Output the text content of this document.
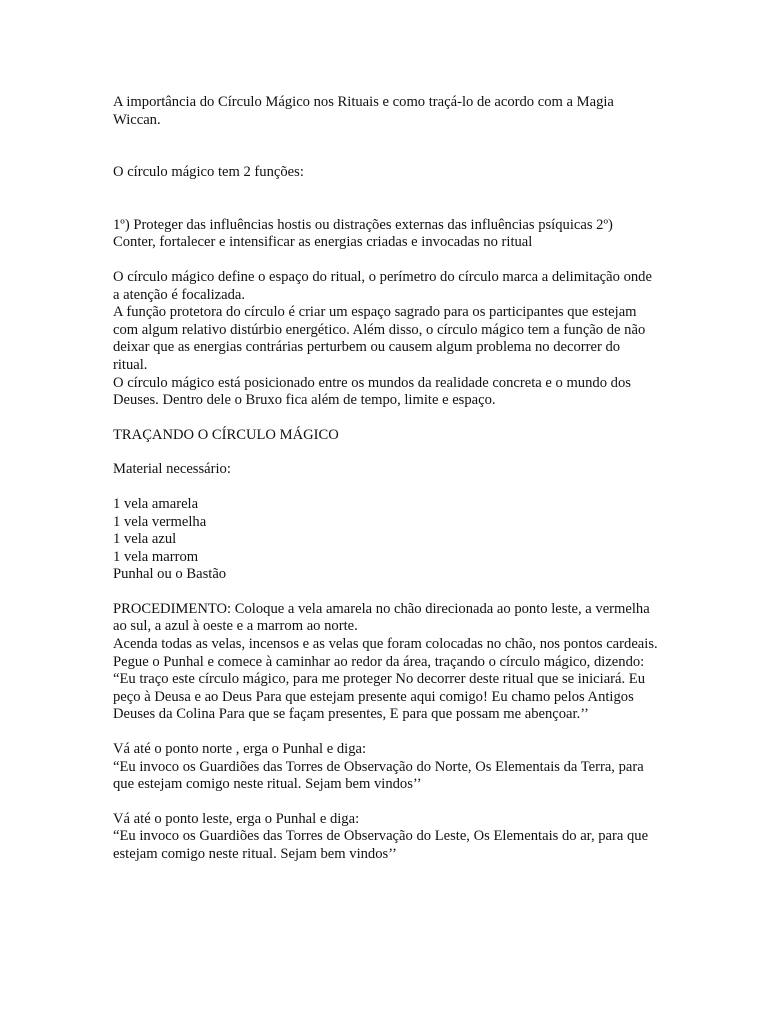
A importância do Círculo Mágico nos Rituais e como traçá-lo de acordo com a Magia Wiccan.

O círculo mágico tem 2 funções:

1º) Proteger das influências hostis ou distrações externas das influências psíquicas 2º) Conter, fortalecer e intensificar as energias criadas e invocadas no ritual

O círculo mágico define o espaço do ritual, o perímetro do círculo marca a delimitação onde a atenção é focalizada.
A função protetora do círculo é criar um espaço sagrado para os participantes que estejam com algum relativo distúrbio energético. Além disso, o círculo mágico tem a função de não deixar que as energias contrárias perturbem ou causem algum problema no decorrer do ritual.
O círculo mágico está posicionado entre os mundos da realidade concreta e o mundo dos Deuses. Dentro dele o Bruxo fica além de tempo, limite e espaço.

TRAÇANDO O CÍRCULO MÁGICO

Material necessário:

1 vela amarela
1 vela vermelha
1 vela azul
1 vela marrom
Punhal ou o Bastão

PROCEDIMENTO: Coloque a vela amarela no chão direcionada ao ponto leste, a vermelha ao sul, a azul à oeste e a marrom ao norte.
Acenda todas as velas, incensos e as velas que foram colocadas no chão, nos pontos cardeais. Pegue o Punhal e comece à caminhar ao redor da área, traçando o círculo mágico, dizendo:
“Eu traço este círculo mágico, para me proteger No decorrer deste ritual que se iniciará. Eu peço à Deusa e ao Deus Para que estejam presente aqui comigo! Eu chamo pelos Antigos Deuses da Colina Para que se façam presentes, E para que possam me abençoar.’’

Vá até o ponto norte , erga o Punhal e diga:
“Eu invoco os Guardiões das Torres de Observação do Norte, Os Elementais da Terra, para que estejam comigo neste ritual. Sejam bem vindos’’

Vá até o ponto leste, erga o Punhal e diga:
“Eu invoco os Guardiões das Torres de Observação do Leste, Os Elementais do ar, para que estejam comigo neste ritual. Sejam bem vindos’’
